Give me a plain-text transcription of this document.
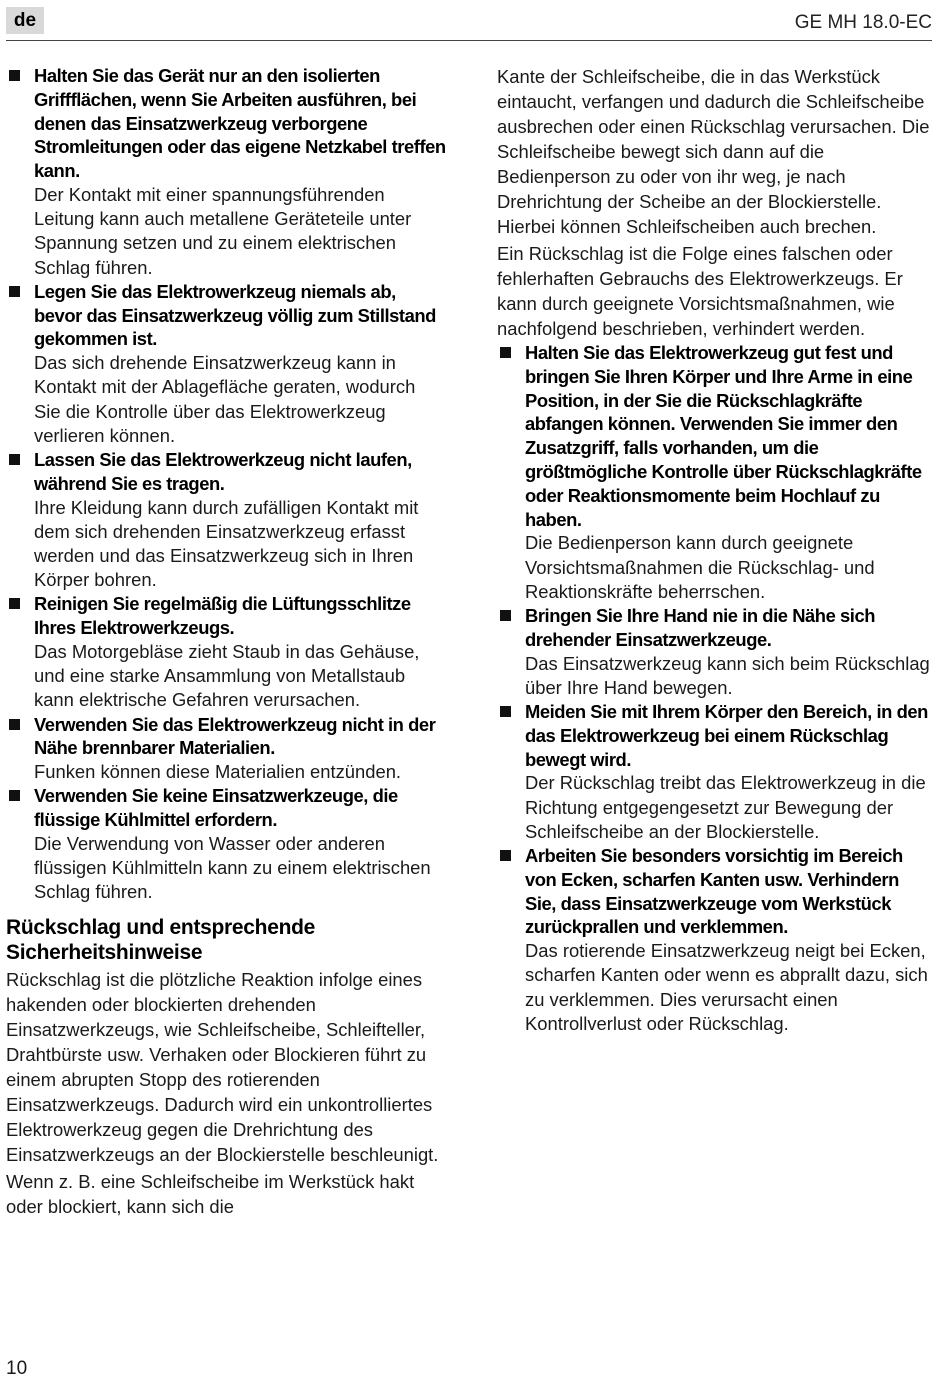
de	GE MH 18.0-EC

Halten Sie das Gerät nur an den isolierten Griffflächen, wenn Sie Arbeiten ausführen, bei denen das Einsatzwerkzeug verborgene Stromleitungen oder das eigene Netzkabel treffen kann.

Der Kontakt mit einer spannungsführenden Leitung kann auch metallene Geräteteile unter Spannung setzen und zu einem elektrischen Schlag führen.

Legen Sie das Elektrowerkzeug niemals ab, bevor das Einsatzwerkzeug völlig zum Stillstand gekommen ist.

Das sich drehende Einsatzwerkzeug kann in Kontakt mit der Ablagefläche geraten, wodurch Sie die Kontrolle über das Elektrowerkzeug verlieren können.

Lassen Sie das Elektrowerkzeug nicht laufen, während Sie es tragen.

Ihre Kleidung kann durch zufälligen Kontakt mit dem sich drehenden Einsatzwerkzeug erfasst werden und das Einsatzwerkzeug sich in Ihren Körper bohren.

Reinigen Sie regelmäßig die Lüftungsschlitze Ihres Elektrowerkzeugs.

Das Motorgebläse zieht Staub in das Gehäuse, und eine starke Ansammlung von Metallstaub kann elektrische Gefahren verursachen.

Verwenden Sie das Elektrowerkzeug nicht in der Nähe brennbarer Materialien.

Funken können diese Materialien entzünden.

Verwenden Sie keine Einsatzwerkzeuge, die flüssige Kühlmittel erfordern.

Die Verwendung von Wasser oder anderen flüssigen Kühlmitteln kann zu einem elektrischen Schlag führen.

Rückschlag und entsprechende Sicherheitshinweise

Rückschlag ist die plötzliche Reaktion infolge eines hakenden oder blockierten drehenden Einsatzwerkzeugs, wie Schleifscheibe, Schleifteller, Drahtbürste usw. Verhaken oder Blockieren führt zu einem abrupten Stopp des rotierenden Einsatzwerkzeugs. Dadurch wird ein unkontrolliertes Elektrowerkzeug gegen die Drehrichtung des Einsatzwerkzeugs an der Blockierstelle beschleunigt.

Wenn z. B. eine Schleifscheibe im Werkstück hakt oder blockiert, kann sich die

Kante der Schleifscheibe, die in das Werkstück eintaucht, verfangen und dadurch die Schleifscheibe ausbrechen oder einen Rückschlag verursachen. Die Schleifscheibe bewegt sich dann auf die Bedienperson zu oder von ihr weg, je nach Drehrichtung der Scheibe an der Blockierstelle. Hierbei können Schleifscheiben auch brechen.

Ein Rückschlag ist die Folge eines falschen oder fehlerhaften Gebrauchs des Elektrowerkzeugs. Er kann durch geeignete Vorsichtsmaßnahmen, wie nachfolgend beschrieben, verhindert werden.

Halten Sie das Elektrowerkzeug gut fest und bringen Sie Ihren Körper und Ihre Arme in eine Position, in der Sie die Rückschlagkräfte abfangen können. Verwenden Sie immer den Zusatzgriff, falls vorhanden, um die größtmögliche Kontrolle über Rückschlagkräfte oder Reaktionsmomente beim Hochlauf zu haben.

Die Bedienperson kann durch geeignete Vorsichtsmaßnahmen die Rückschlag- und Reaktionskräfte beherrschen.

Bringen Sie Ihre Hand nie in die Nähe sich drehender Einsatzwerkzeuge.

Das Einsatzwerkzeug kann sich beim Rückschlag über Ihre Hand bewegen.

Meiden Sie mit Ihrem Körper den Bereich, in den das Elektrowerkzeug bei einem Rückschlag bewegt wird.

Der Rückschlag treibt das Elektrowerkzeug in die Richtung entgegengesetzt zur Bewegung der Schleifscheibe an der Blockierstelle.

Arbeiten Sie besonders vorsichtig im Bereich von Ecken, scharfen Kanten usw. Verhindern Sie, dass Einsatzwerkzeuge vom Werkstück zurückprallen und verklemmen.

Das rotierende Einsatzwerkzeug neigt bei Ecken, scharfen Kanten oder wenn es abprallt dazu, sich zu verklemmen. Dies verursacht einen Kontrollverlust oder Rückschlag.

10
